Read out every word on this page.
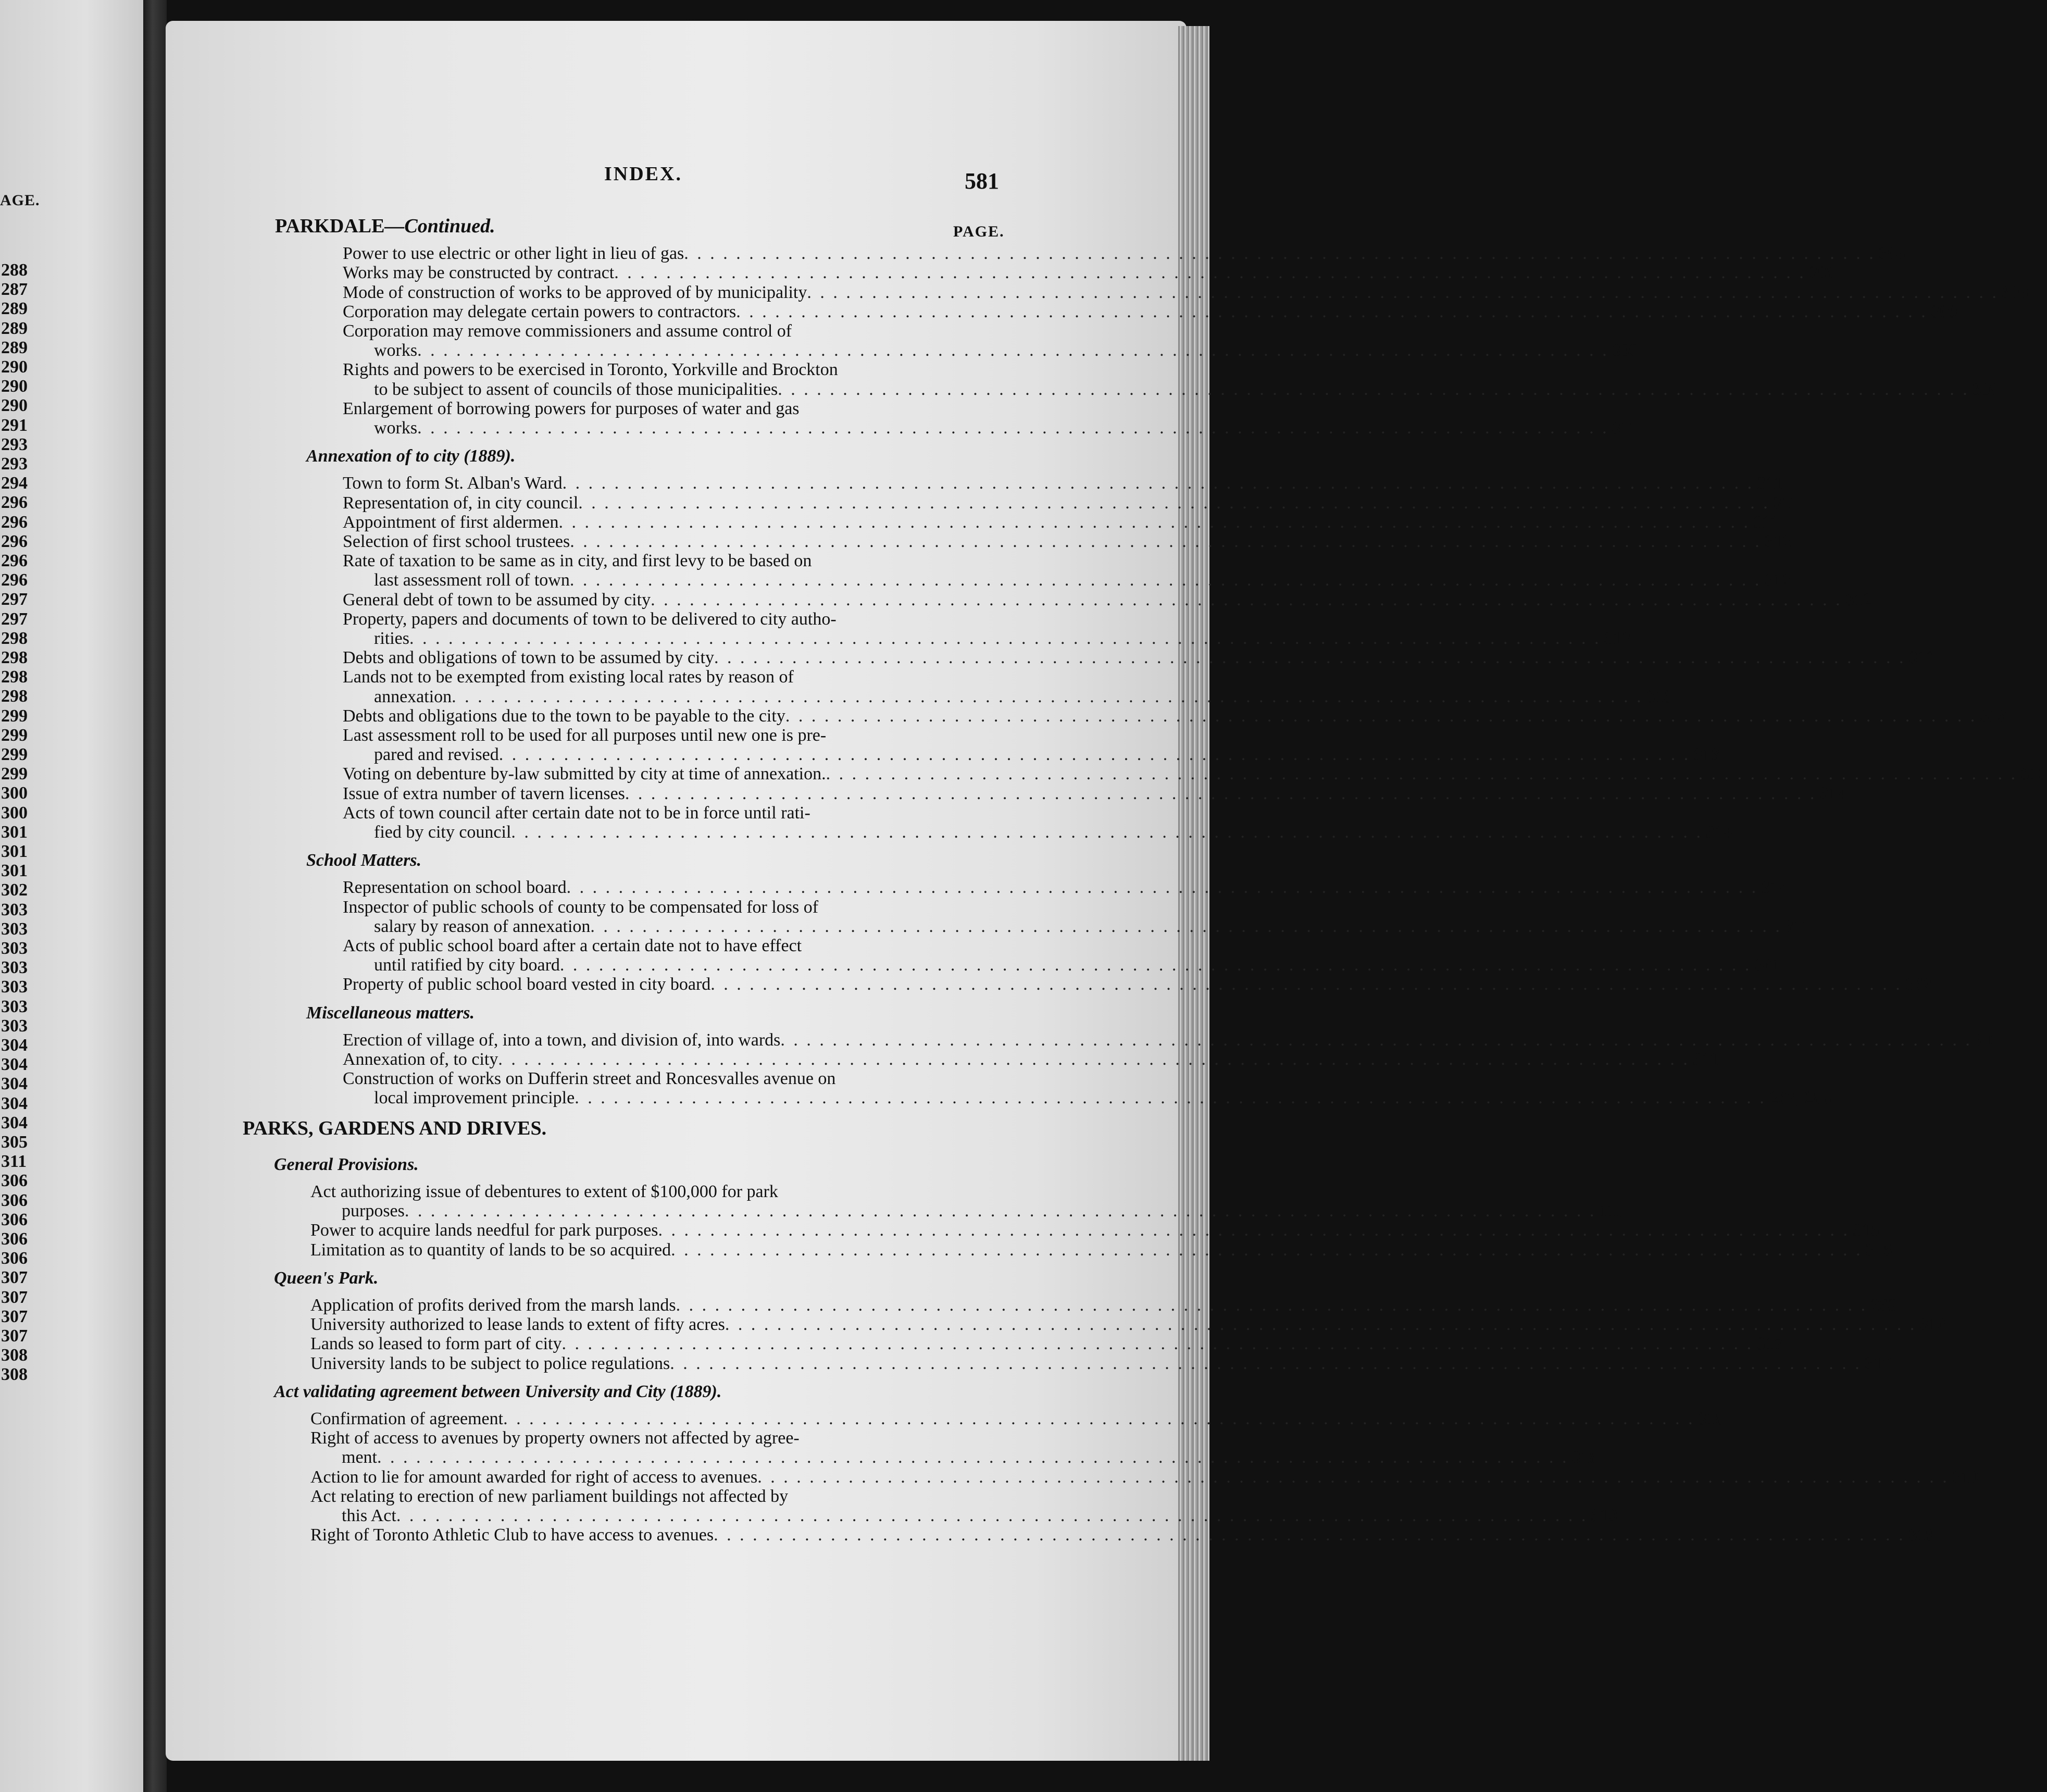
AGE.
288
287
289
289
289
290
290
290
291
293
293
294
296
296
296
296
296
297
297
298
298
298
298
299
299
299
299
300
300
301
301
301
302
303
303
303
303
303
303
303
304
304
304
304
304
305
311
306
306
306
306
306
307
307
307
307
308
308
INDEX.	581
PAGE.
PARKDALE—Continued.
Power to use electric or other light in lieu of gas . . . . . . . . . . . . . . . . . . . . . . . . . . . . . . . . . . . . . . . . . . . . . . . . . . . . . . . . . . . . . . . . . . . . . . . . . . . . . . . . . . . . . . . . . . . . 308
Works may be constructed by contract . . . . . . . . . . . . . . . . . . . . . . . . . . . . . . . . . . . . . . . . . . . . . . . . . . . . . . . . . . . . . . . . . . . . . . . . . . . . . . . . . . . . . . . . . . . . 308
Mode of construction of works to be approved of by municipality . . . . . . . . . . . . . . . . . . . . . . . . . . . . . . . . . . . . . . . . . . . . . . . . . . . . . . . . . . . . . . . . . . . . . . . . . . . . . . . . . . . . . . . . . . . . 308
Corporation may delegate certain powers to contractors . . . . . . . . . . . . . . . . . . . . . . . . . . . . . . . . . . . . . . . . . . . . . . . . . . . . . . . . . . . . . . . . . . . . . . . . . . . . . . . . . . . . . . . . . . . . 309
Corporation may remove commissioners and assume control of
works . . . . . . . . . . . . . . . . . . . . . . . . . . . . . . . . . . . . . . . . . . . . . . . . . . . . . . . . . . . . . . . . . . . . . . . . . . . . . . . . . . . . . . . . . . . . 309
Rights and powers to be exercised in Toronto, Yorkville and Brockton
to be subject to assent of councils of those municipalities . . . . . . . . . . . . . . . . . . . . . . . . . . . . . . . . . . . . . . . . . . . . . . . . . . . . . . . . . . . . . . . . . . . . . . . . . . . . . . . . . . . . . . . . . . . . 309
Enlargement of borrowing powers for purposes of water and gas
works . . . . . . . . . . . . . . . . . . . . . . . . . . . . . . . . . . . . . . . . . . . . . . . . . . . . . . . . . . . . . . . . . . . . . . . . . . . . . . . . . . . . . . . . . . . . 311
Annexation of to city (1889).
Town to form St. Alban's Ward . . . . . . . . . . . . . . . . . . . . . . . . . . . . . . . . . . . . . . . . . . . . . . . . . . . . . . . . . . . . . . . . . . . . . . . . . . . . . . . . . . . . . . . . . . . . 311
Representation of, in city council . . . . . . . . . . . . . . . . . . . . . . . . . . . . . . . . . . . . . . . . . . . . . . . . . . . . . . . . . . . . . . . . . . . . . . . . . . . . . . . . . . . . . . . . . . . . 311
Appointment of first aldermen . . . . . . . . . . . . . . . . . . . . . . . . . . . . . . . . . . . . . . . . . . . . . . . . . . . . . . . . . . . . . . . . . . . . . . . . . . . . . . . . . . . . . . . . . . . . 311
Selection of first school trustees . . . . . . . . . . . . . . . . . . . . . . . . . . . . . . . . . . . . . . . . . . . . . . . . . . . . . . . . . . . . . . . . . . . . . . . . . . . . . . . . . . . . . . . . . . . . 312
Rate of taxation to be same as in city, and first levy to be based on
last assessment roll of town . . . . . . . . . . . . . . . . . . . . . . . . . . . . . . . . . . . . . . . . . . . . . . . . . . . . . . . . . . . . . . . . . . . . . . . . . . . . . . . . . . . . . . . . . . . . 312
General debt of town to be assumed by city . . . . . . . . . . . . . . . . . . . . . . . . . . . . . . . . . . . . . . . . . . . . . . . . . . . . . . . . . . . . . . . . . . . . . . . . . . . . . . . . . . . . . . . . . . . . 312
Property, papers and documents of town to be delivered to city autho-
rities . . . . . . . . . . . . . . . . . . . . . . . . . . . . . . . . . . . . . . . . . . . . . . . . . . . . . . . . . . . . . . . . . . . . . . . . . . . . . . . . . . . . . . . . . . . . 312
Debts and obligations of town to be assumed by city . . . . . . . . . . . . . . . . . . . . . . . . . . . . . . . . . . . . . . . . . . . . . . . . . . . . . . . . . . . . . . . . . . . . . . . . . . . . . . . . . . . . . . . . . . . . 312
Lands not to be exempted from existing local rates by reason of
annexation . . . . . . . . . . . . . . . . . . . . . . . . . . . . . . . . . . . . . . . . . . . . . . . . . . . . . . . . . . . . . . . . . . . . . . . . . . . . . . . . . . . . . . . . . . . . 313
Debts and obligations due to the town to be payable to the city . . . . . . . . . . . . . . . . . . . . . . . . . . . . . . . . . . . . . . . . . . . . . . . . . . . . . . . . . . . . . . . . . . . . . . . . . . . . . . . . . . . . . . . . . . . . 313
Last assessment roll to be used for all purposes until new one is pre-
pared and revised . . . . . . . . . . . . . . . . . . . . . . . . . . . . . . . . . . . . . . . . . . . . . . . . . . . . . . . . . . . . . . . . . . . . . . . . . . . . . . . . . . . . . . . . . . . . 313
Voting on debenture by-law submitted by city at time of annexation. . . . . . . . . . . . . . . . . . . . . . . . . . . . . . . . . . . . . . . . . . . . . . . . . . . . . . . . . . . . . . . . . . . . . . . . . . . . . . . . . . . . . . . . . . . . . 313
Issue of extra number of tavern licenses . . . . . . . . . . . . . . . . . . . . . . . . . . . . . . . . . . . . . . . . . . . . . . . . . . . . . . . . . . . . . . . . . . . . . . . . . . . . . . . . . . . . . . . . . . . . 314
Acts of town council after certain date not to be in force until rati-
fied by city council . . . . . . . . . . . . . . . . . . . . . . . . . . . . . . . . . . . . . . . . . . . . . . . . . . . . . . . . . . . . . . . . . . . . . . . . . . . . . . . . . . . . . . . . . . . . 314
School Matters.
Representation on school board . . . . . . . . . . . . . . . . . . . . . . . . . . . . . . . . . . . . . . . . . . . . . . . . . . . . . . . . . . . . . . . . . . . . . . . . . . . . . . . . . . . . . . . . . . . . 314
Inspector of public schools of county to be compensated for loss of
salary by reason of annexation . . . . . . . . . . . . . . . . . . . . . . . . . . . . . . . . . . . . . . . . . . . . . . . . . . . . . . . . . . . . . . . . . . . . . . . . . . . . . . . . . . . . . . . . . . . . 311
Acts of public school board after a certain date not to have effect
until ratified by city board . . . . . . . . . . . . . . . . . . . . . . . . . . . . . . . . . . . . . . . . . . . . . . . . . . . . . . . . . . . . . . . . . . . . . . . . . . . . . . . . . . . . . . . . . . . . 361
Property of public school board vested in city board . . . . . . . . . . . . . . . . . . . . . . . . . . . . . . . . . . . . . . . . . . . . . . . . . . . . . . . . . . . . . . . . . . . . . . . . . . . . . . . . . . . . . . . . . . . . 362
Miscellaneous matters.
Erection of village of, into a town, and division of, into wards . . . . . . . . . . . . . . . . . . . . . . . . . . . . . . . . . . . . . . . . . . . . . . . . . . . . . . . . . . . . . . . . . . . . . . . . . . . . . . . . . . . . . . . . . . . . 30
Annexation of, to city . . . . . . . . . . . . . . . . . . . . . . . . . . . . . . . . . . . . . . . . . . . . . . . . . . . . . . . . . . . . . . . . . . . . . . . . . . . . . . . . . . . . . . . . . . . . 311
Construction of works on Dufferin street and Roncesvalles avenue on
local improvement principle . . . . . . . . . . . . . . . . . . . . . . . . . . . . . . . . . . . . . . . . . . . . . . . . . . . . . . . . . . . . . . . . . . . . . . . . . . . . . . . . . . . . . . . . . . . . 267, 288
PARKS, GARDENS AND DRIVES.
General Provisions.
Act authorizing issue of debentures to extent of $100,000 for park
purposes . . . . . . . . . . . . . . . . . . . . . . . . . . . . . . . . . . . . . . . . . . . . . . . . . . . . . . . . . . . . . . . . . . . . . . . . . . . . . . . . . . . . . . . . . . . . 118
Power to acquire lands needful for park purposes . . . . . . . . . . . . . . . . . . . . . . . . . . . . . . . . . . . . . . . . . . . . . . . . . . . . . . . . . . . . . . . . . . . . . . . . . . . . . . . . . . . . . . . . . . . . 315
Limitation as to quantity of lands to be so acquired . . . . . . . . . . . . . . . . . . . . . . . . . . . . . . . . . . . . . . . . . . . . . . . . . . . . . . . . . . . . . . . . . . . . . . . . . . . . . . . . . . . . . . . . . . . . 315
Queen's Park.
Application of profits derived from the marsh lands . . . . . . . . . . . . . . . . . . . . . . . . . . . . . . . . . . . . . . . . . . . . . . . . . . . . . . . . . . . . . . . . . . . . . . . . . . . . . . . . . . . . . . . . . . . . 263
University authorized to lease lands to extent of fifty acres . . . . . . . . . . . . . . . . . . . . . . . . . . . . . . . . . . . . . . . . . . . . . . . . . . . . . . . . . . . . . . . . . . . . . . . . . . . . . . . . . . . . . . . . . . . . 316
Lands so leased to form part of city . . . . . . . . . . . . . . . . . . . . . . . . . . . . . . . . . . . . . . . . . . . . . . . . . . . . . . . . . . . . . . . . . . . . . . . . . . . . . . . . . . . . . . . . . . . . 317
University lands to be subject to police regulations . . . . . . . . . . . . . . . . . . . . . . . . . . . . . . . . . . . . . . . . . . . . . . . . . . . . . . . . . . . . . . . . . . . . . . . . . . . . . . . . . . . . . . . . . . . . 317
Act validating agreement between University and City (1889).
Confirmation of agreement . . . . . . . . . . . . . . . . . . . . . . . . . . . . . . . . . . . . . . . . . . . . . . . . . . . . . . . . . . . . . . . . . . . . . . . . . . . . . . . . . . . . . . . . . . . . 318
Right of access to avenues by property owners not affected by agree-
ment . . . . . . . . . . . . . . . . . . . . . . . . . . . . . . . . . . . . . . . . . . . . . . . . . . . . . . . . . . . . . . . . . . . . . . . . . . . . . . . . . . . . . . . . . . . . 318
Action to lie for amount awarded for right of access to avenues . . . . . . . . . . . . . . . . . . . . . . . . . . . . . . . . . . . . . . . . . . . . . . . . . . . . . . . . . . . . . . . . . . . . . . . . . . . . . . . . . . . . . . . . . . . . 319
Act relating to erection of new parliament buildings not affected by
this Act . . . . . . . . . . . . . . . . . . . . . . . . . . . . . . . . . . . . . . . . . . . . . . . . . . . . . . . . . . . . . . . . . . . . . . . . . . . . . . . . . . . . . . . . . . . . 319
Right of Toronto Athletic Club to have access to avenues . . . . . . . . . . . . . . . . . . . . . . . . . . . . . . . . . . . . . . . . . . . . . . . . . . . . . . . . . . . . . . . . . . . . . . . . . . . . . . . . . . . . . . . . . . . . 319
